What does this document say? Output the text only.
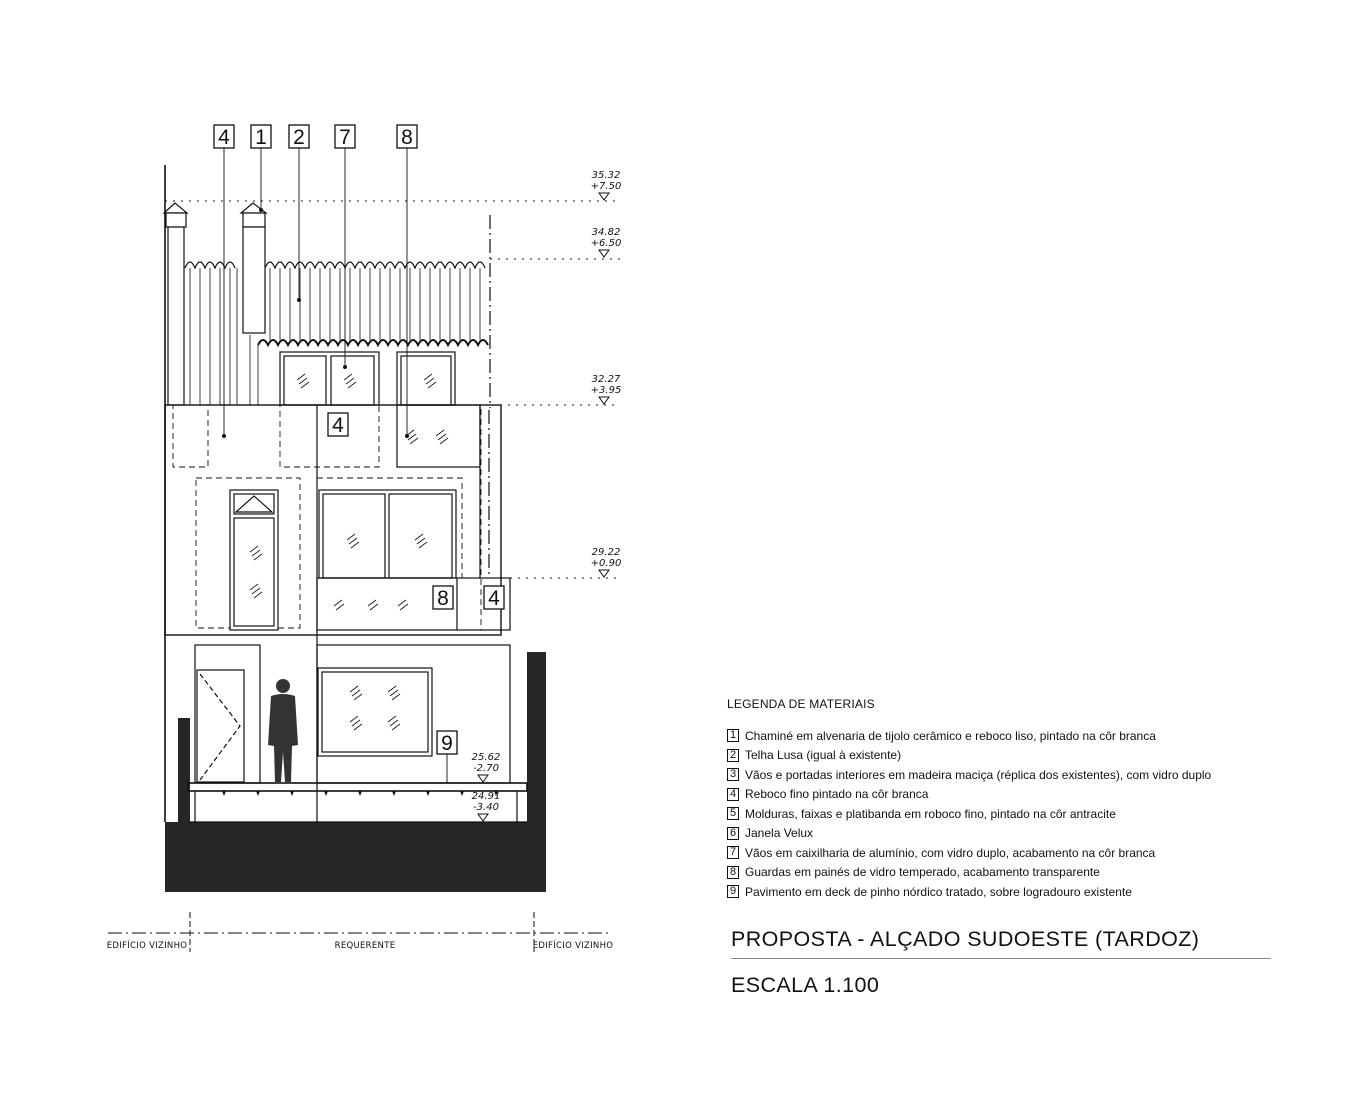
4 1 2 7 8
4
8 4
9
35.32
+7.50
34.82
+6.50
32.27
+3.95
29.22
+0.90
25.62
-2.70
24.91
-3.40
EDIFÍCIO VIZINHO	REQUERENTE	EDIFÍCIO VIZINHO
LEGENDA DE MATERIAIS
1 Chaminé em alvenaria de tijolo cerâmico e reboco liso, pintado na côr branca
2 Telha Lusa (igual à existente)
3 Vãos e portadas interiores em madeira maciça (réplica dos existentes), com vidro duplo
4 Reboco fino pintado na côr branca
5 Molduras, faixas e platibanda em roboco fino, pintado na côr antracite
6 Janela Velux
7 Vãos em caixilharia de alumínio, com vidro duplo, acabamento na côr branca
8 Guardas em painés de vidro temperado, acabamento transparente
9 Pavimento em deck de pinho nórdico tratado, sobre logradouro existente
PROPOSTA - ALÇADO SUDOESTE (TARDOZ)
ESCALA 1.100
